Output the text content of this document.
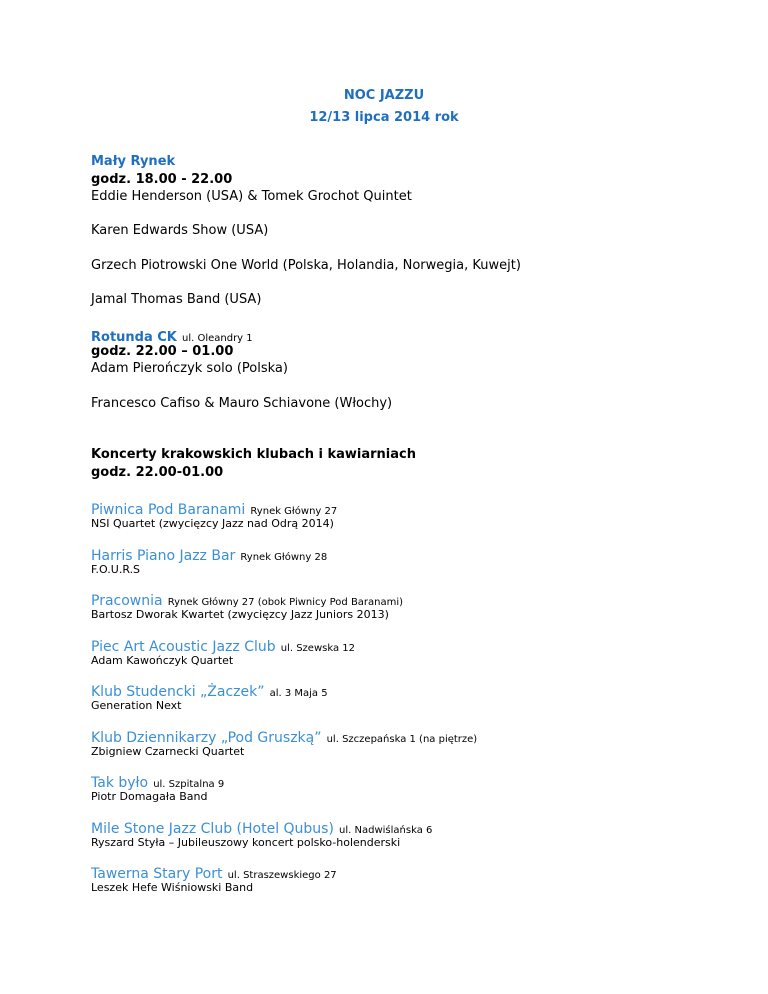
NOC JAZZU
12/13 lipca 2014 rok
Mały Rynek
godz. 18.00 - 22.00
Eddie Henderson (USA) & Tomek Grochot Quintet
Karen Edwards Show (USA)
Grzech Piotrowski One World (Polska, Holandia, Norwegia, Kuwejt)
Jamal Thomas Band (USA)
Rotunda CK ul. Oleandry 1
godz. 22.00 – 01.00
Adam Pierończyk solo (Polska)
Francesco Cafiso & Mauro Schiavone (Włochy)
Koncerty krakowskich klubach i kawiarniach
godz. 22.00-01.00
Piwnica Pod Baranami Rynek Główny 27
NSI Quartet (zwycięzcy Jazz nad Odrą 2014)
Harris Piano Jazz Bar Rynek Główny 28
F.O.U.R.S
Pracownia Rynek Główny 27 (obok Piwnicy Pod Baranami)
Bartosz Dworak Kwartet (zwycięzcy Jazz Juniors 2013)
Piec Art Acoustic Jazz Club ul. Szewska 12
Adam Kawończyk Quartet
Klub Studencki „Żaczek” al. 3 Maja 5
Generation Next
Klub Dziennikarzy „Pod Gruszką” ul. Szczepańska 1 (na piętrze)
Zbigniew Czarnecki Quartet
Tak było ul. Szpitalna 9
Piotr Domagała Band
Mile Stone Jazz Club (Hotel Qubus) ul. Nadwiślańska 6
Ryszard Styła – Jubileuszowy koncert polsko-holenderski
Tawerna Stary Port ul. Straszewskiego 27
Leszek Hefe Wiśniowski Band
